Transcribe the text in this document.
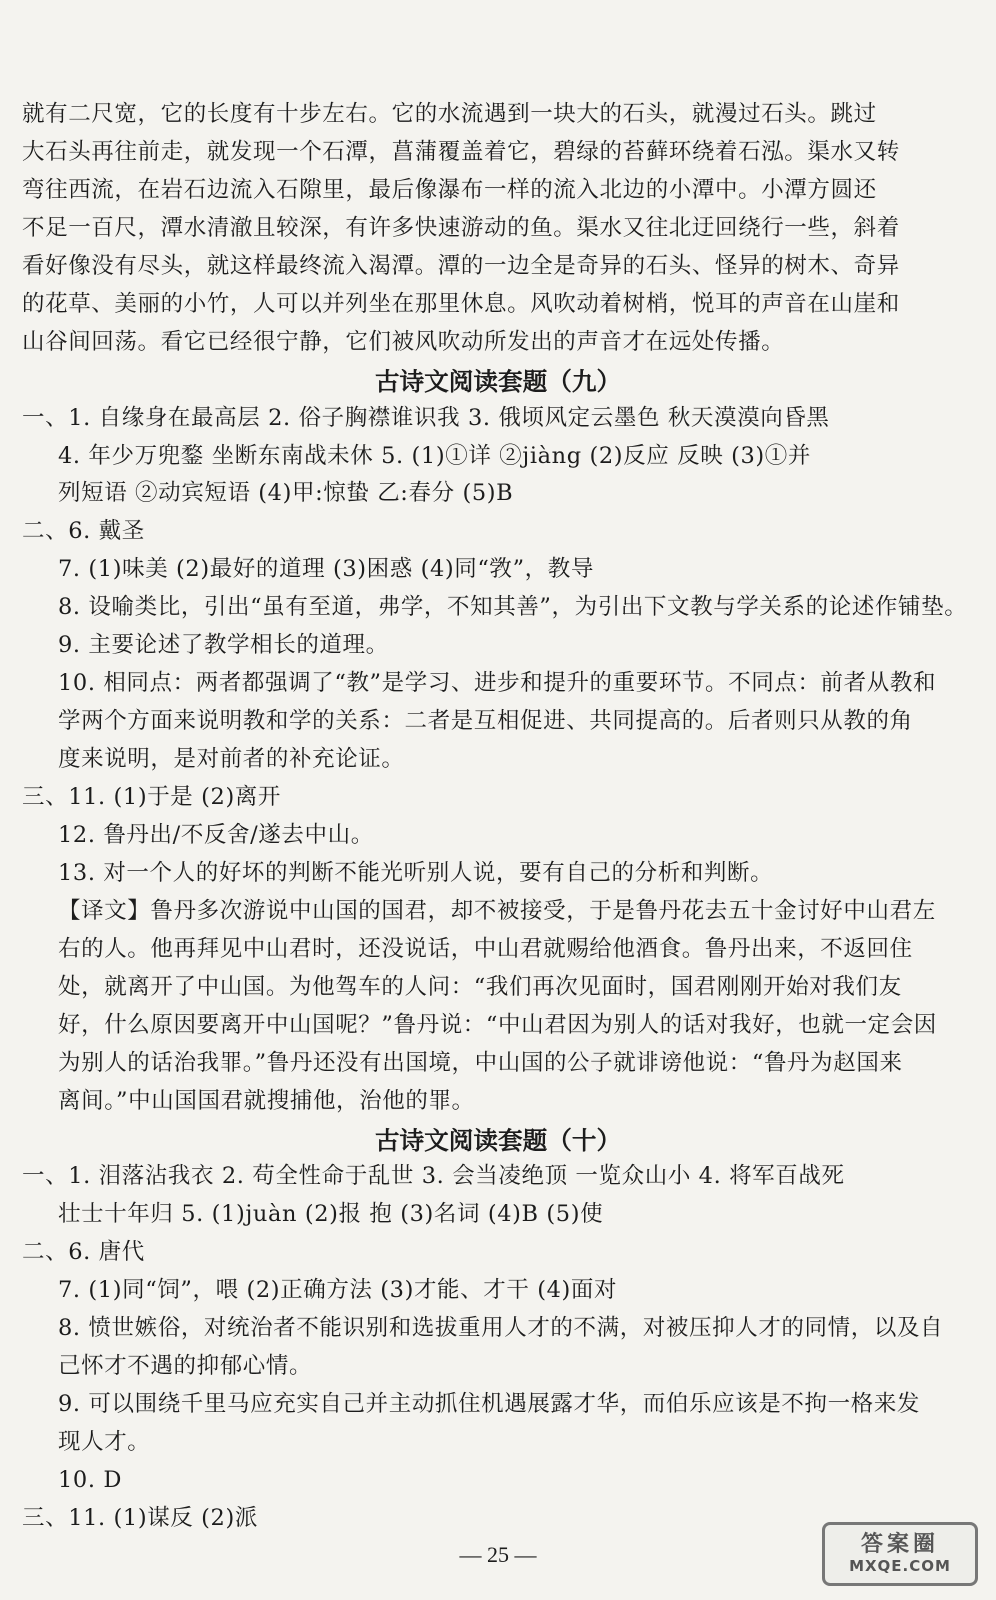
就有二尺宽，它的长度有十步左右。它的水流遇到一块大的石头，就漫过石头。跳过
大石头再往前走，就发现一个石潭，菖蒲覆盖着它，碧绿的苔藓环绕着石泓。渠水又转
弯往西流，在岩石边流入石隙里，最后像瀑布一样的流入北边的小潭中。小潭方圆还
不足一百尺，潭水清澈且较深，有许多快速游动的鱼。渠水又往北迂回绕行一些，斜着
看好像没有尽头，就这样最终流入渴潭。潭的一边全是奇异的石头、怪异的树木、奇异
的花草、美丽的小竹，人可以并列坐在那里休息。风吹动着树梢，悦耳的声音在山崖和
山谷间回荡。看它已经很宁静，它们被风吹动所发出的声音才在远处传播。
古诗文阅读套题（九）
一、1. 自缘身在最高层 2. 俗子胸襟谁识我 3. 俄顷风定云墨色 秋天漠漠向昏黑
4. 年少万兜鍪 坐断东南战未休 5. (1)①详 ②jiàng (2)反应 反映 (3)①并
列短语 ②动宾短语 (4)甲:惊蛰 乙:春分 (5)B
二、6. 戴圣
7. (1)味美 (2)最好的道理 (3)困惑 (4)同“敩”，教导
8. 设喻类比，引出“虽有至道，弗学，不知其善”，为引出下文教与学关系的论述作铺垫。
9. 主要论述了教学相长的道理。
10. 相同点：两者都强调了“教”是学习、进步和提升的重要环节。不同点：前者从教和
学两个方面来说明教和学的关系：二者是互相促进、共同提高的。后者则只从教的角
度来说明，是对前者的补充论证。
三、11. (1)于是 (2)离开
12. 鲁丹出/不反舍/遂去中山。
13. 对一个人的好坏的判断不能光听别人说，要有自己的分析和判断。
【译文】鲁丹多次游说中山国的国君，却不被接受，于是鲁丹花去五十金讨好中山君左
右的人。他再拜见中山君时，还没说话，中山君就赐给他酒食。鲁丹出来，不返回住
处，就离开了中山国。为他驾车的人问：“我们再次见面时，国君刚刚开始对我们友
好，什么原因要离开中山国呢？”鲁丹说：“中山君因为别人的话对我好，也就一定会因
为别人的话治我罪。”鲁丹还没有出国境，中山国的公子就诽谤他说：“鲁丹为赵国来
离间。”中山国国君就搜捕他，治他的罪。
古诗文阅读套题（十）
一、1. 泪落沾我衣 2. 苟全性命于乱世 3. 会当凌绝顶 一览众山小 4. 将军百战死
壮士十年归 5. (1)juàn (2)报 抱 (3)名词 (4)B (5)使
二、6. 唐代
7. (1)同“饲”，喂 (2)正确方法 (3)才能、才干 (4)面对
8. 愤世嫉俗，对统治者不能识别和选拔重用人才的不满，对被压抑人才的同情，以及自
己怀才不遇的抑郁心情。
9. 可以围绕千里马应充实自己并主动抓住机遇展露才华，而伯乐应该是不拘一格来发
现人才。
10. D
三、11. (1)谋反 (2)派
— 25 —	答案圈
MXQE.COM
